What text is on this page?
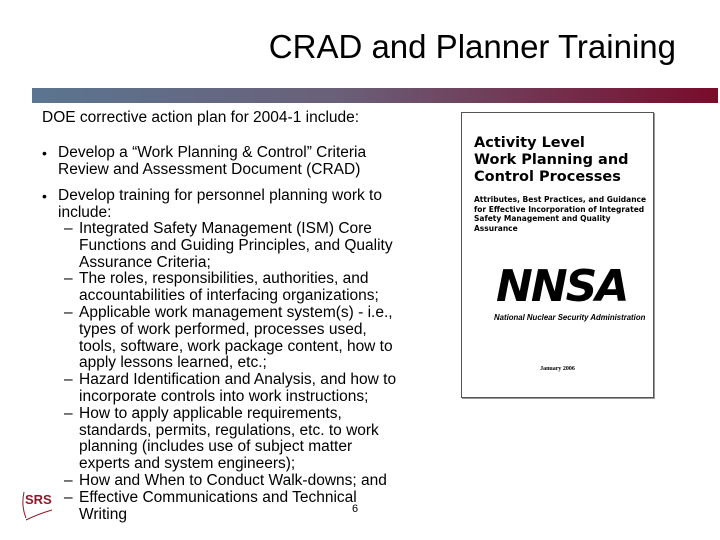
CRAD and Planner Training
DOE corrective action plan for 2004-1 include:
• Develop a “Work Planning & Control” Criteria
Review and Assessment Document (CRAD)
• Develop training for personnel planning work to
include:
– Integrated Safety Management (ISM) Core
Functions and Guiding Principles, and Quality
Assurance Criteria;
– The roles, responsibilities, authorities, and
accountabilities of interfacing organizations;
– Applicable work management system(s) - i.e.,
types of work performed, processes used,
tools, software, work package content, how to
apply lessons learned, etc.;
– Hazard Identification and Analysis, and how to
incorporate controls into work instructions;
– How to apply applicable requirements,
standards, permits, regulations, etc. to work
planning (includes use of subject matter
experts and system engineers);
– How and When to Conduct Walk-downs; and
– Effective Communications and Technical
Writing
Activity Level
Work Planning and
Control Processes
Attributes, Best Practices, and Guidance for Effective Incorporation of Integrated Safety Management and Quality Assurance
NNSA
National Nuclear Security Administration
January 2006
SRS
6
